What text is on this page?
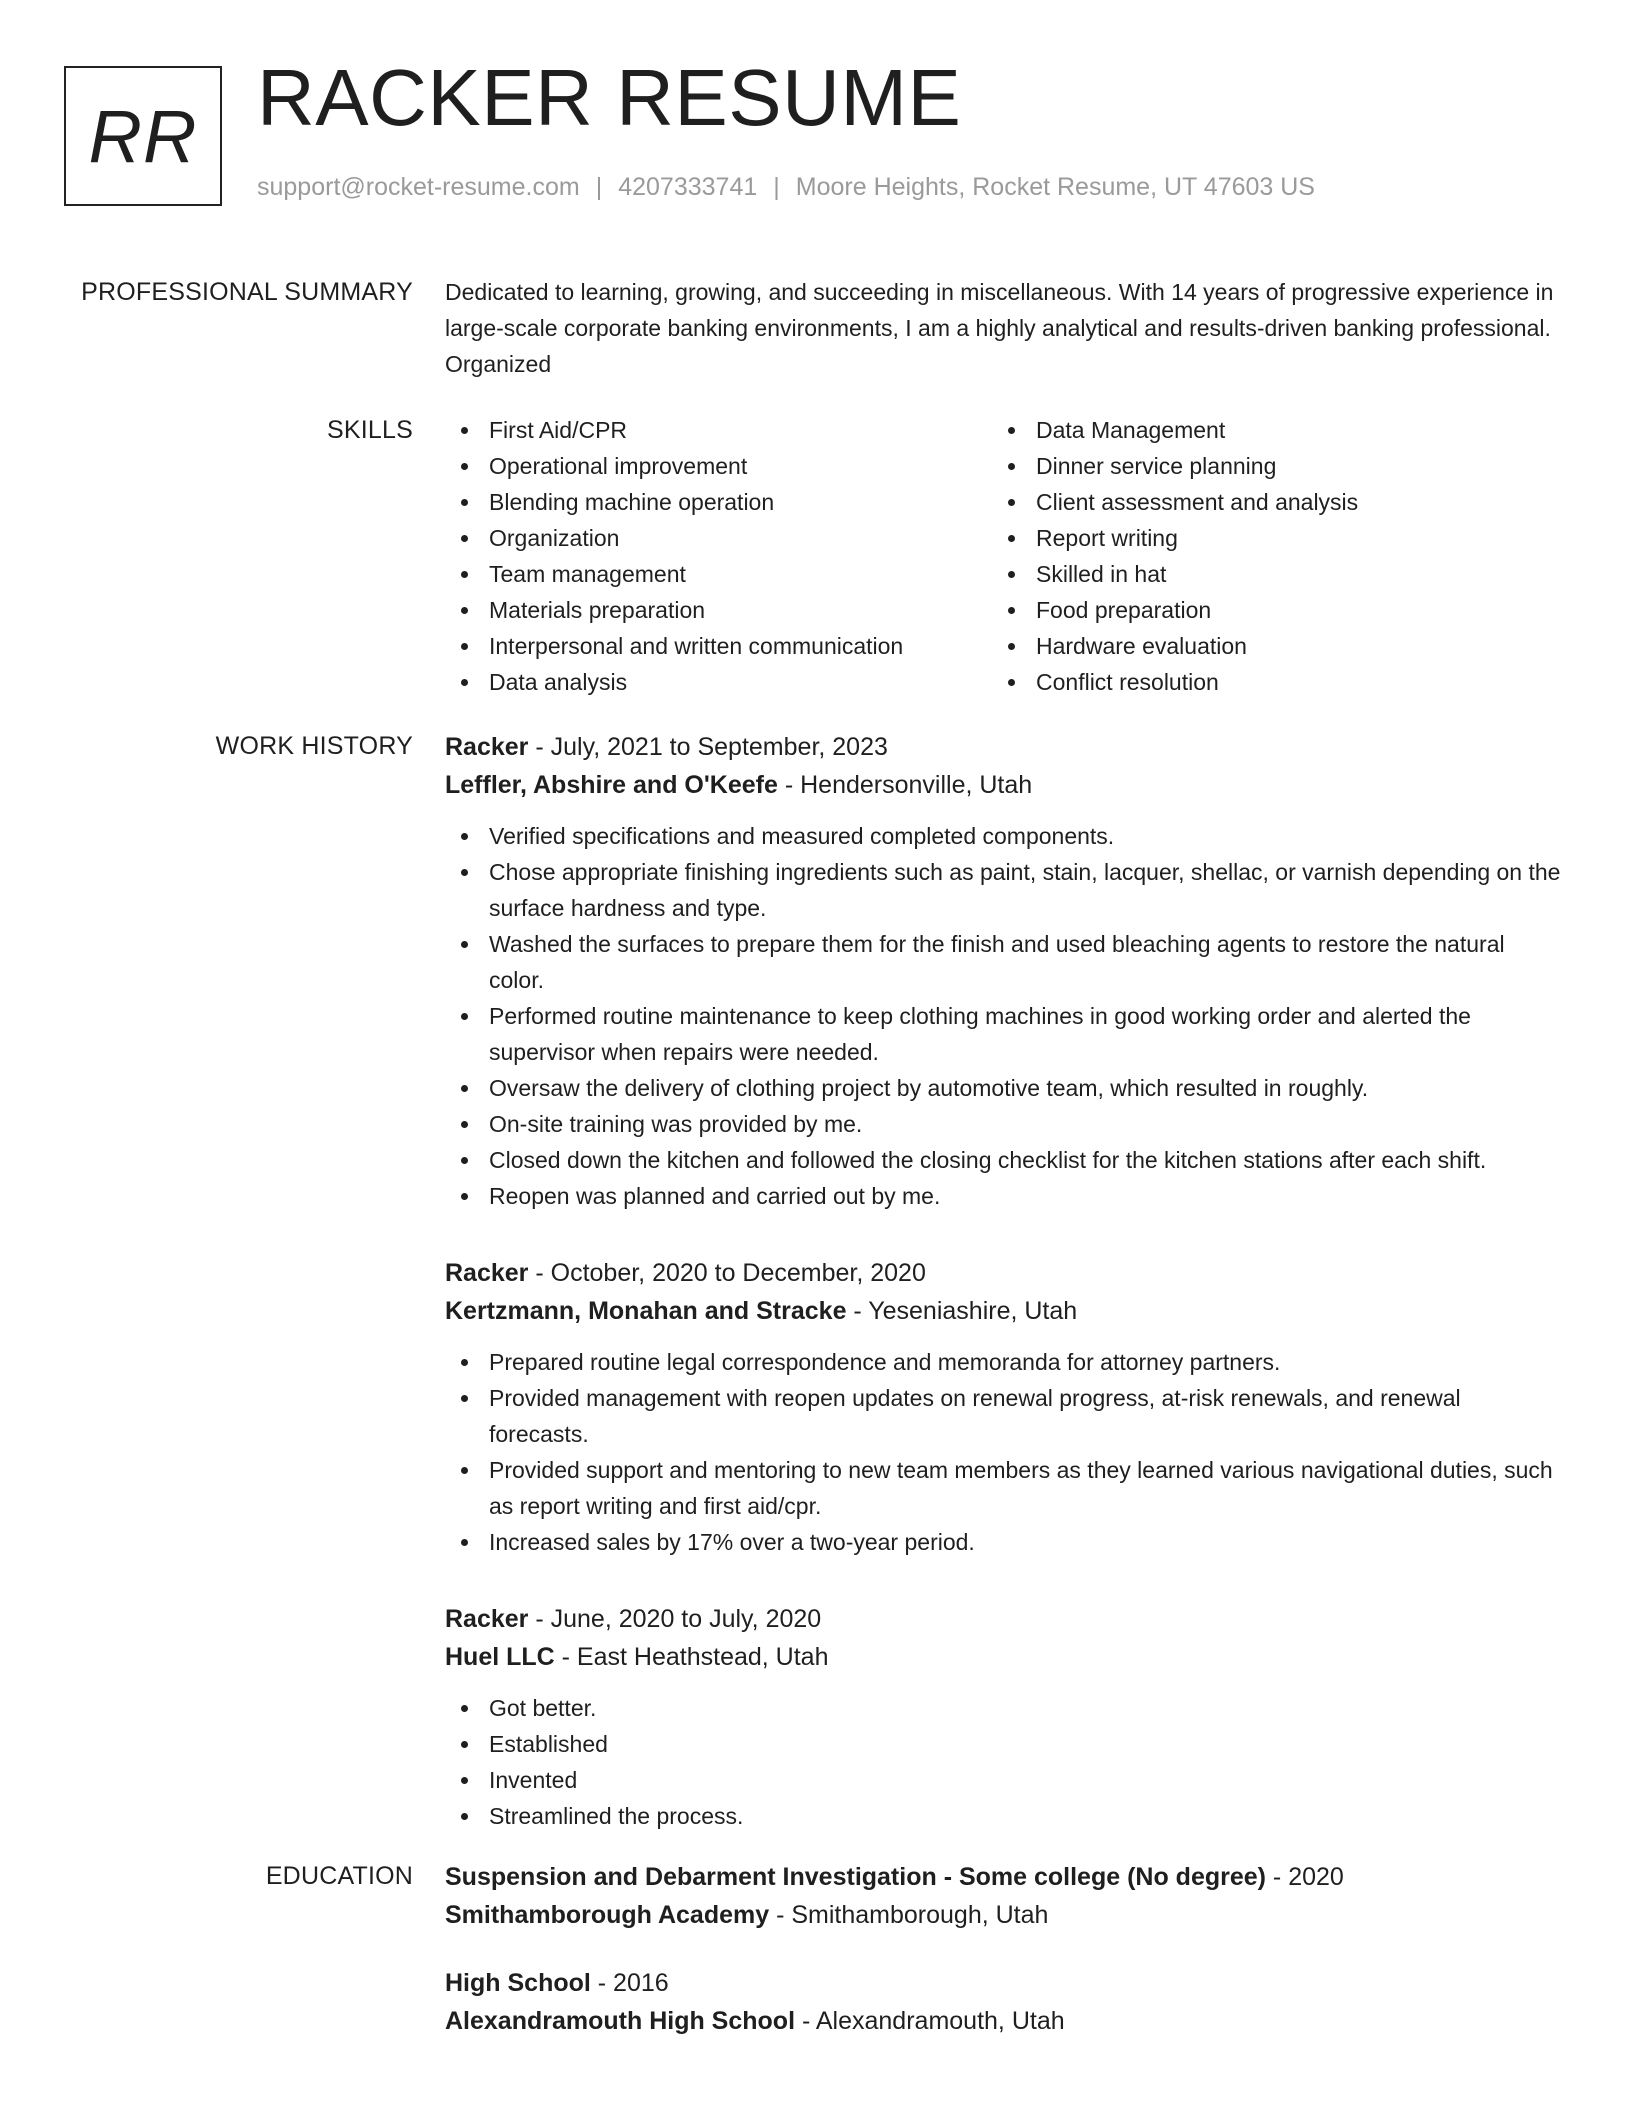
RR RACKER RESUME
support@rocket-resume.com | 4207333741 | Moore Heights, Rocket Resume, UT 47603 US
PROFESSIONAL SUMMARY Dedicated to learning, growing, and succeeding in miscellaneous. With 14 years of progressive experience in large-scale corporate banking environments, I am a highly analytical and results-driven banking professional. Organized

SKILLS	First Aid/CPR
Operational improvement
Blending machine operation
Organization
Team management
Materials preparation
Interpersonal and written communication
Data analysis
Data Management
Dinner service planning
Client assessment and analysis
Report writing
Skilled in hat
Food preparation
Hardware evaluation
Conflict resolution
WORK HISTORY Racker - July, 2021 to September, 2023
Leffler, Abshire and O'Keefe - Hendersonville, Utah
Verified specifications and measured completed components.
Chose appropriate finishing ingredients such as paint, stain, lacquer, shellac, or varnish depending on the surface hardness and type.
Washed the surfaces to prepare them for the finish and used bleaching agents to restore the natural color.
Performed routine maintenance to keep clothing machines in good working order and alerted the supervisor when repairs were needed.
Oversaw the delivery of clothing project by automotive team, which resulted in roughly.
On-site training was provided by me.
Closed down the kitchen and followed the closing checklist for the kitchen stations after each shift.
Reopen was planned and carried out by me.
Racker - October, 2020 to December, 2020
Kertzmann, Monahan and Stracke - Yeseniashire, Utah
Prepared routine legal correspondence and memoranda for attorney partners.
Provided management with reopen updates on renewal progress, at-risk renewals, and renewal forecasts.
Provided support and mentoring to new team members as they learned various navigational duties, such as report writing and first aid/cpr.
Increased sales by 17% over a two-year period.
Racker - June, 2020 to July, 2020
Huel LLC - East Heathstead, Utah
Got better.
Established
Invented
Streamlined the process.
EDUCATION Suspension and Debarment Investigation - Some college (No degree) - 2020
Smithamborough Academy - Smithamborough, Utah
High School - 2016
Alexandramouth High School - Alexandramouth, Utah
